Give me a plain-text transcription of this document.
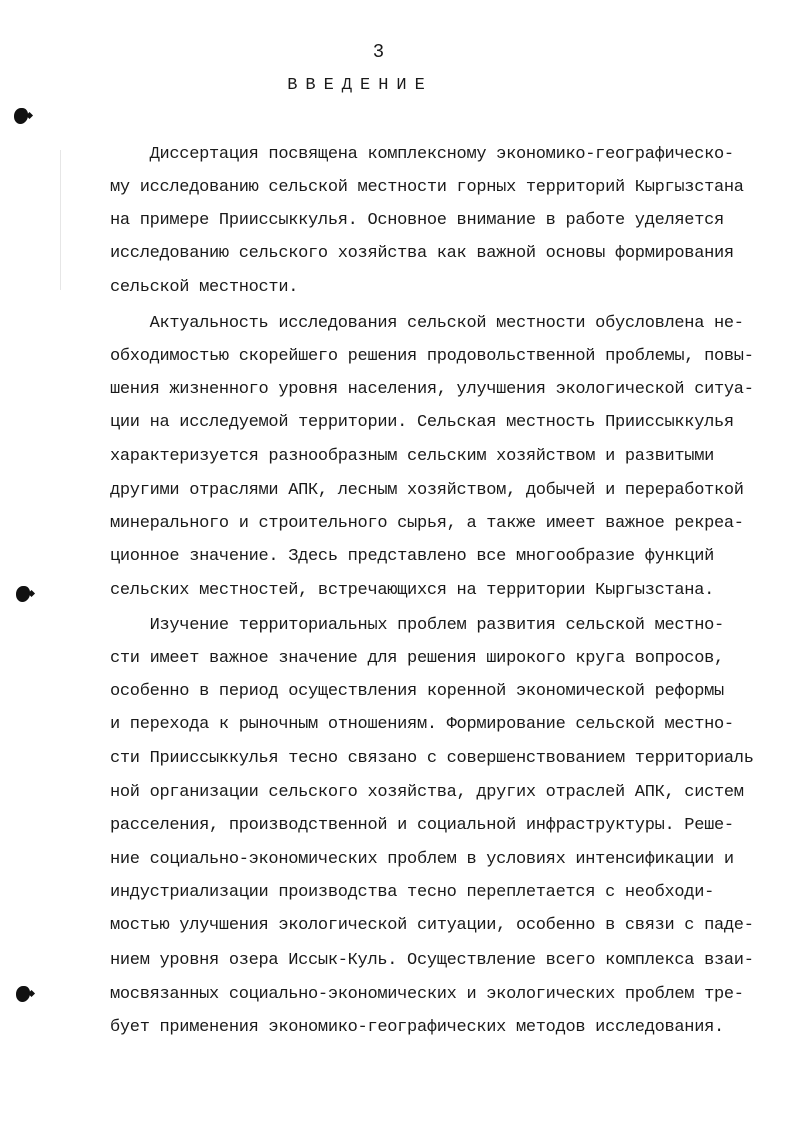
3
ВВЕДЕНИЕ
Диссертация посвящена комплексному экономико-географическо-
му исследованию сельской местности горных территорий Кыргызстана
на примере Прииссыккулья. Основное внимание в работе уделяется
исследованию сельского хозяйства как важной основы формирования
сельской местности.
Актуальность исследования сельской местности обусловлена не-
обходимостью скорейшего решения продовольственной проблемы, повы-
шения жизненного уровня населения, улучшения экологической ситуа-
ции на исследуемой территории. Сельская местность Прииссыккулья
характеризуется разнообразным сельским хозяйством и развитыми
другими отраслями АПК, лесным хозяйством, добычей и переработкой
минерального и строительного сырья, а также имеет важное рекреа-
ционное значение. Здесь представлено все многообразие функций
сельских местностей, встречающихся на территории Кыргызстана.
Изучение территориальных проблем развития сельской местно-
сти имеет важное значение для решения широкого круга вопросов,
особенно в период осуществления коренной экономической реформы
и перехода к рыночным отношениям. Формирование сельской местно-
сти Прииссыккулья тесно связано с совершенствованием территориаль
ной организации сельского хозяйства, других отраслей АПК, систем
расселения, производственной и социальной инфраструктуры. Реше-
ние социально-экономических проблем в условиях интенсификации и
индустриализации производства тесно переплетается с необходи-
мостью улучшения экологической ситуации, особенно в связи с паде-
нием уровня озера Иссык-Куль. Осуществление всего комплекса взаи-
мосвязанных социально-экономических и экологических проблем тре-
бует применения экономико-географических методов исследования.
